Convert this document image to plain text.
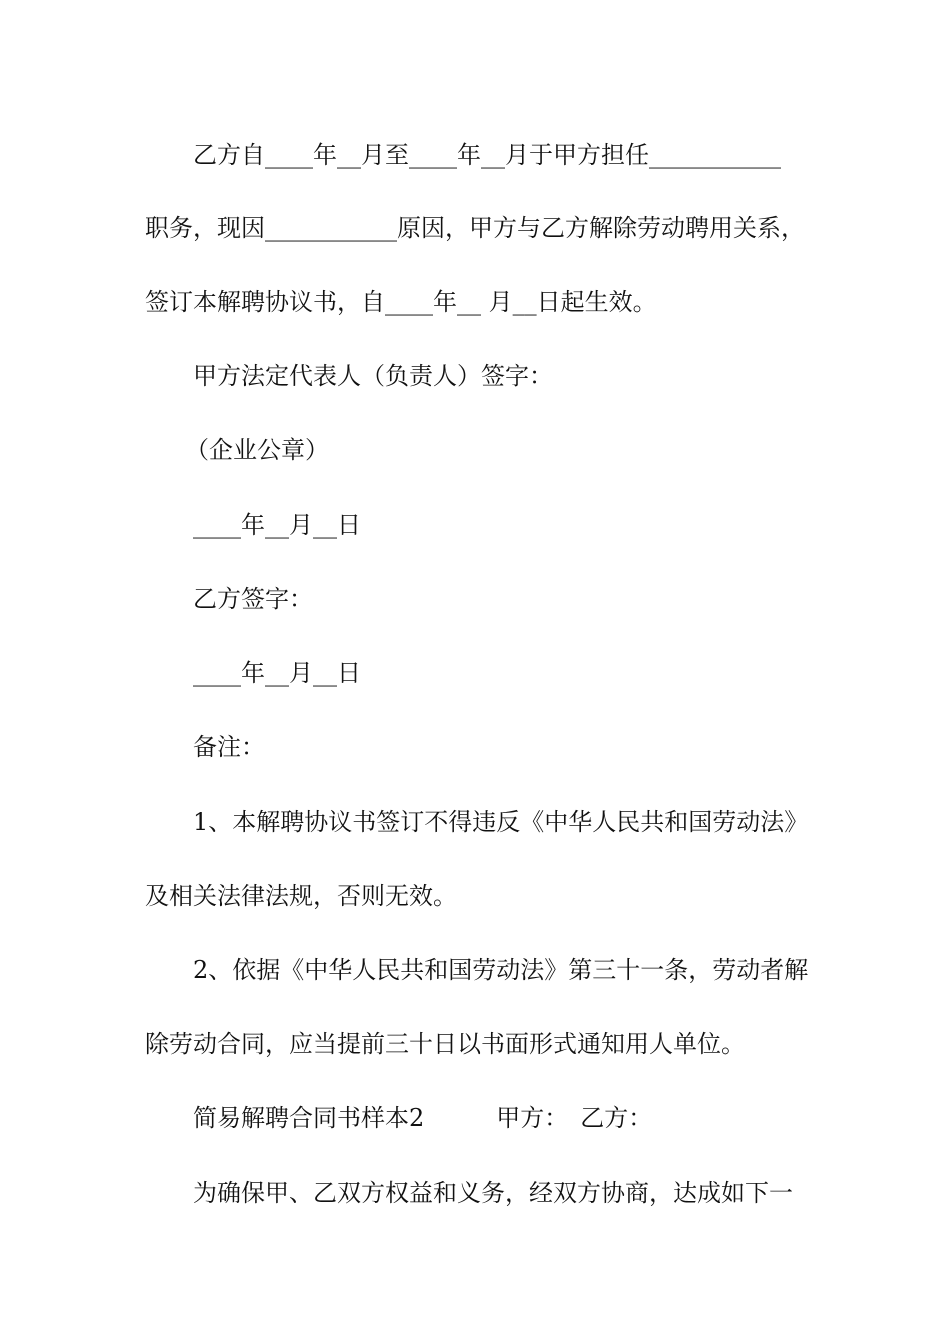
乙方自____年__月至____年__月于甲方担任___________
职务，现因___________原因，甲方与乙方解除劳动聘用关系，
签订本解聘协议书，自____年__ 月__日起生效。
甲方法定代表人（负责人）签字：
（企业公章）
____年__月__日
乙方签字：
____年__月__日
备注：
1、本解聘协议书签订不得违反《中华人民共和国劳动法》
及相关法律法规，否则无效。
2、依据《中华人民共和国劳动法》第三十一条，劳动者解
除劳动合同，应当提前三十日以书面形式通知用人单位。
简易解聘合同书样本2　　　甲方：　乙方：
为确保甲、乙双方权益和义务，经双方协商，达成如下一
